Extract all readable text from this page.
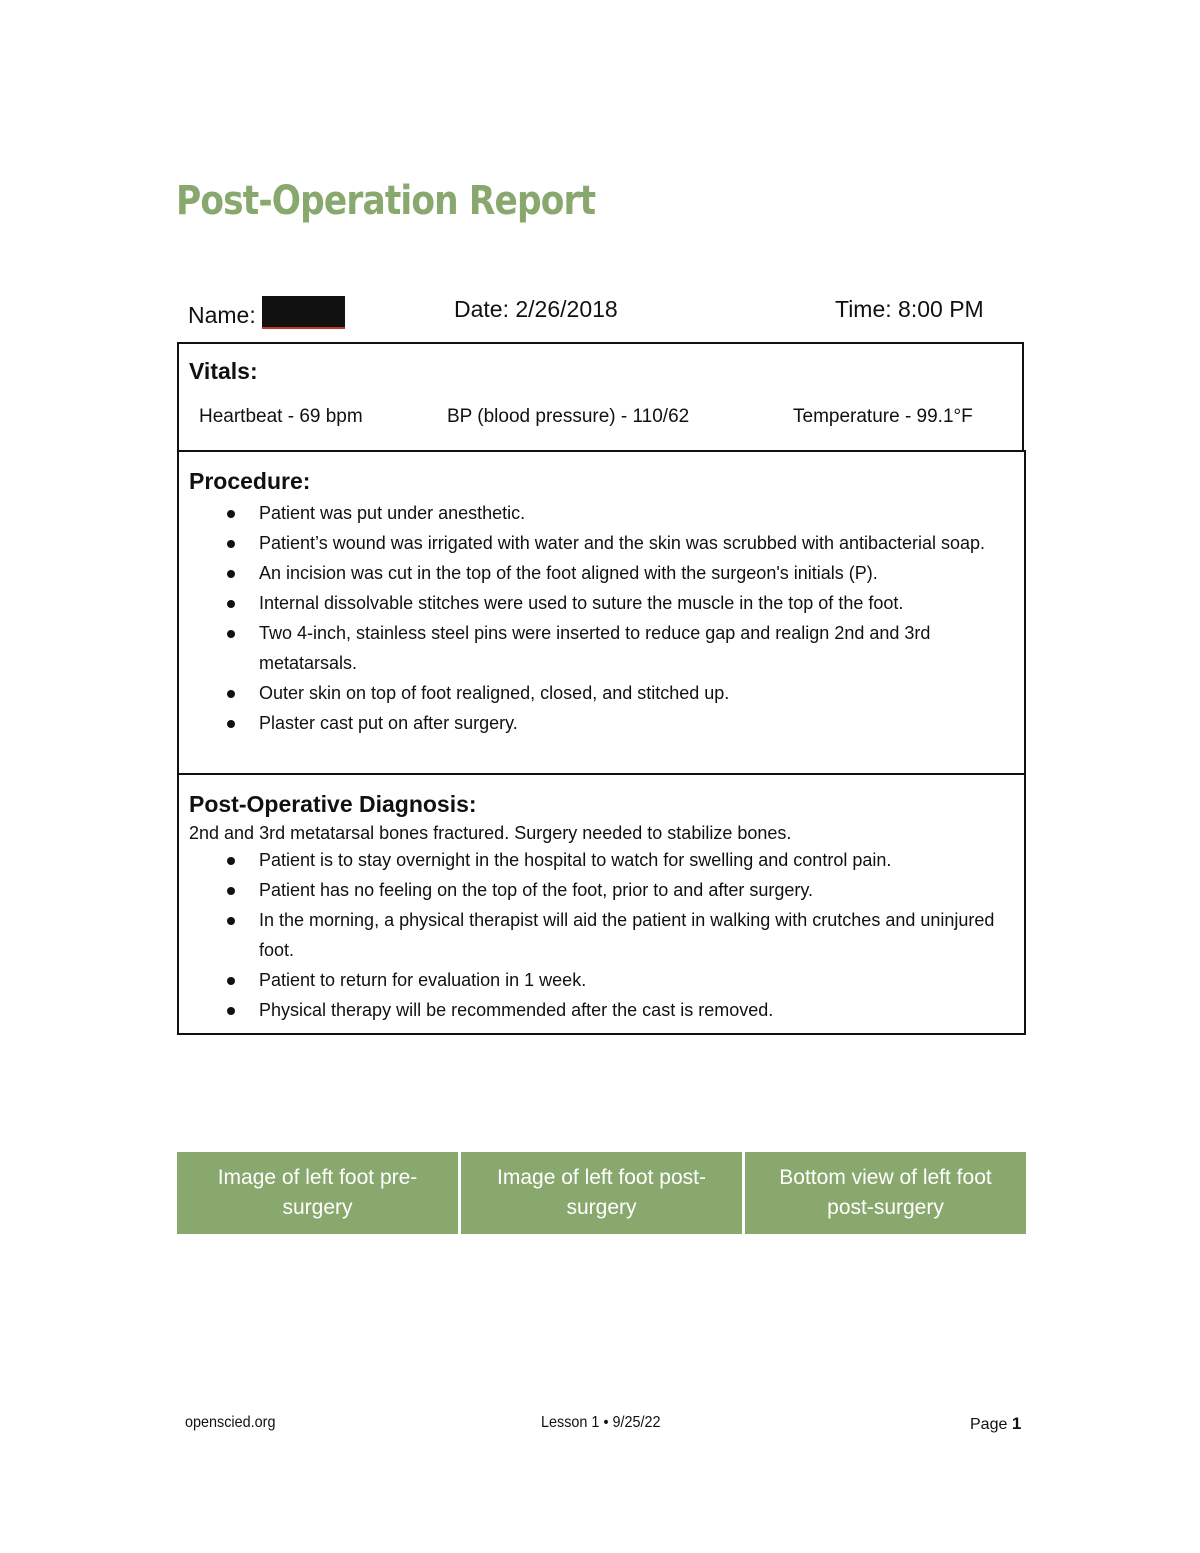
Post-Operation Report
Name:	Date: 2/26/2018	Time: 8:00 PM
Vitals:
Heartbeat - 69 bpm	BP (blood pressure) - 110/62	Temperature - 99.1°F
Procedure:
Patient was put under anesthetic.
Patient’s wound was irrigated with water and the skin was scrubbed with antibacterial soap.
An incision was cut in the top of the foot aligned with the surgeon's initials (P).
Internal dissolvable stitches were used to suture the muscle in the top of the foot.
Two 4-inch, stainless steel pins were inserted to reduce gap and realign 2nd and 3rd metatarsals.
Outer skin on top of foot realigned, closed, and stitched up.
Plaster cast put on after surgery.
Post-Operative Diagnosis:
2nd and 3rd metatarsal bones fractured. Surgery needed to stabilize bones.
Patient is to stay overnight in the hospital to watch for swelling and control pain.
Patient has no feeling on the top of the foot, prior to and after surgery.
In the morning, a physical therapist will aid the patient in walking with crutches and uninjured foot.
Patient to return for evaluation in 1 week.
Physical therapy will be recommended after the cast is removed.
Image of left foot pre-surgery
Image of left foot post-surgery
Bottom view of left foot post-surgery
openscied.org	Lesson 1 • 9/25/22	Page 1
